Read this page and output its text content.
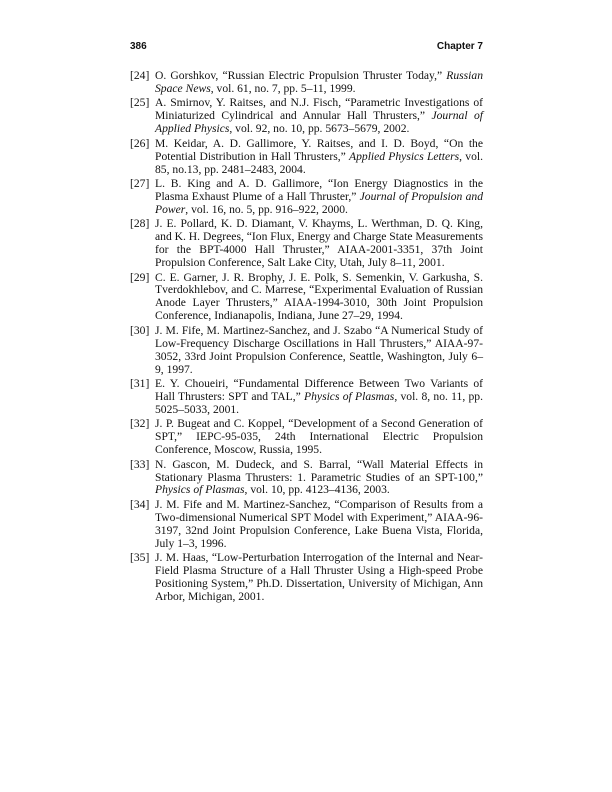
386	Chapter 7
[24] O. Gorshkov, “Russian Electric Propulsion Thruster Today,” Russian Space News, vol. 61, no. 7, pp. 5–11, 1999.
[25] A. Smirnov, Y. Raitses, and N.J. Fisch, “Parametric Investigations of Miniaturized Cylindrical and Annular Hall Thrusters,” Journal of Applied Physics, vol. 92, no. 10, pp. 5673–5679, 2002.
[26] M. Keidar, A. D. Gallimore, Y. Raitses, and I. D. Boyd, “On the Potential Distribution in Hall Thrusters,” Applied Physics Letters, vol. 85, no.13, pp. 2481–2483, 2004.
[27] L. B. King and A. D. Gallimore, “Ion Energy Diagnostics in the Plasma Exhaust Plume of a Hall Thruster,” Journal of Propulsion and Power, vol. 16, no. 5, pp. 916–922, 2000.
[28] J. E. Pollard, K. D. Diamant, V. Khayms, L. Werthman, D. Q. King, and K. H. Degrees, “Ion Flux, Energy and Charge State Measurements for the BPT-4000 Hall Thruster,” AIAA-2001-3351, 37th Joint Propulsion Conference, Salt Lake City, Utah, July 8–11, 2001.
[29] C. E. Garner, J. R. Brophy, J. E. Polk, S. Semenkin, V. Garkusha, S. Tverdokhlebov, and C. Marrese, “Experimental Evaluation of Russian Anode Layer Thrusters,” AIAA-1994-3010, 30th Joint Propulsion Conference, Indianapolis, Indiana, June 27–29, 1994.
[30] J. M. Fife, M. Martinez-Sanchez, and J. Szabo “A Numerical Study of Low-Frequency Discharge Oscillations in Hall Thrusters,” AIAA-97-3052, 33rd Joint Propulsion Conference, Seattle, Washington, July 6–9, 1997.
[31] E. Y. Choueiri, “Fundamental Difference Between Two Variants of Hall Thrusters: SPT and TAL,” Physics of Plasmas, vol. 8, no. 11, pp. 5025–5033, 2001.
[32] J. P. Bugeat and C. Koppel, “Development of a Second Generation of SPT,” IEPC-95-035, 24th International Electric Propulsion Conference, Moscow, Russia, 1995.
[33] N. Gascon, M. Dudeck, and S. Barral, “Wall Material Effects in Stationary Plasma Thrusters: 1. Parametric Studies of an SPT-100,” Physics of Plasmas, vol. 10, pp. 4123–4136, 2003.
[34] J. M. Fife and M. Martinez-Sanchez, “Comparison of Results from a Two-dimensional Numerical SPT Model with Experiment,” AIAA-96-3197, 32nd Joint Propulsion Conference, Lake Buena Vista, Florida, July 1–3, 1996.
[35] J. M. Haas, “Low-Perturbation Interrogation of the Internal and Near-Field Plasma Structure of a Hall Thruster Using a High-speed Probe Positioning System,” Ph.D. Dissertation, University of Michigan, Ann Arbor, Michigan, 2001.
